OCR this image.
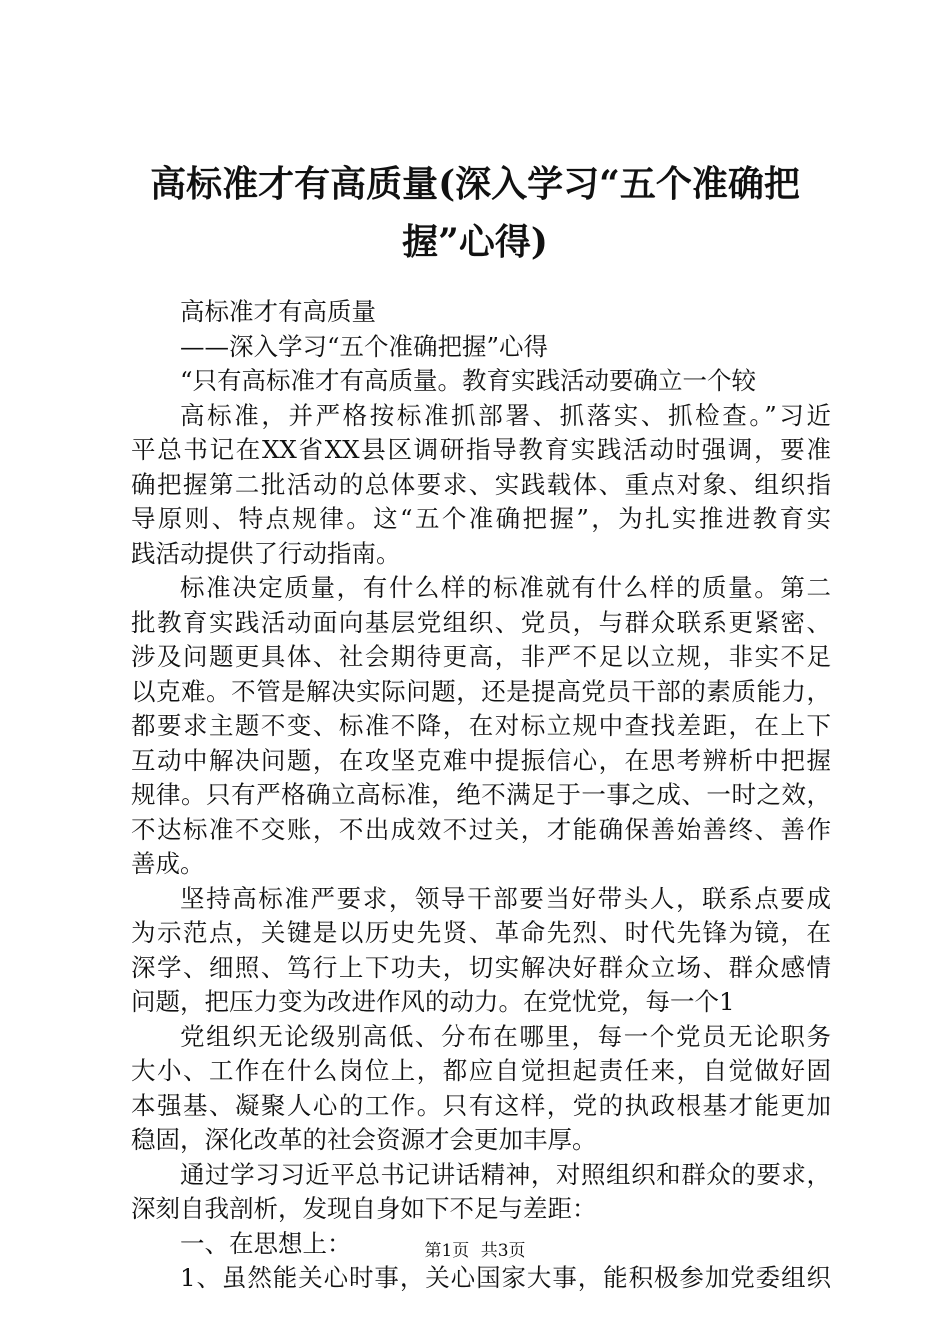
高标准才有高质量(深入学习“五个准确把
握”心得)
高标准才有高质量
——深入学习“五个准确把握”心得
“只有高标准才有高质量。教育实践活动要确立一个较
高标准，并严格按标准抓部署、抓落实、抓检查。”习近
平总书记在XX省XX县区调研指导教育实践活动时强调，要准
确把握第二批活动的总体要求、实践载体、重点对象、组织指
导原则、特点规律。这“五个准确把握”，为扎实推进教育实
践活动提供了行动指南。
标准决定质量，有什么样的标准就有什么样的质量。第二
批教育实践活动面向基层党组织、党员，与群众联系更紧密、
涉及问题更具体、社会期待更高，非严不足以立规，非实不足
以克难。不管是解决实际问题，还是提高党员干部的素质能力，
都要求主题不变、标准不降，在对标立规中查找差距，在上下
互动中解决问题，在攻坚克难中提振信心，在思考辨析中把握
规律。只有严格确立高标准，绝不满足于一事之成、一时之效，
不达标准不交账，不出成效不过关，才能确保善始善终、善作
善成。
坚持高标准严要求，领导干部要当好带头人，联系点要成
为示范点，关键是以历史先贤、革命先烈、时代先锋为镜，在
深学、细照、笃行上下功夫，切实解决好群众立场、群众感情
问题，把压力变为改进作风的动力。在党忧党，每一个1
党组织无论级别高低、分布在哪里，每一个党员无论职务
大小、工作在什么岗位上，都应自觉担起责任来，自觉做好固
本强基、凝聚人心的工作。只有这样，党的执政根基才能更加
稳固，深化改革的社会资源才会更加丰厚。
通过学习习近平总书记讲话精神，对照组织和群众的要求，
深刻自我剖析，发现自身如下不足与差距：
一、在思想上：
1、虽然能关心时事，关心国家大事，能积极参加党委组织
第1页 共3页
